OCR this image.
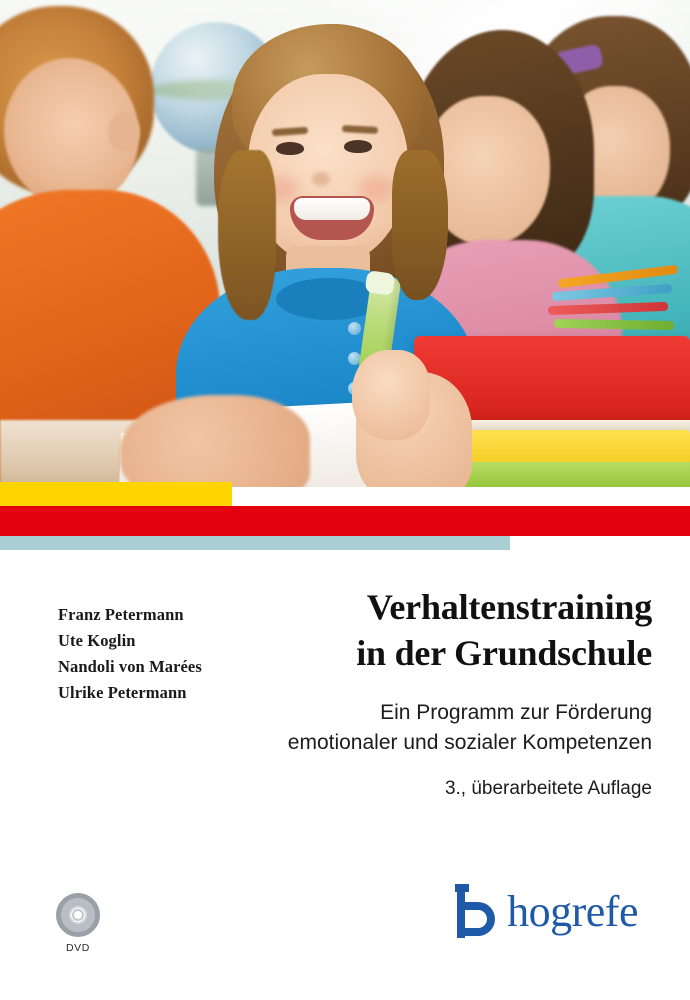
Franz Petermann
Ute Koglin
Nandoli von Marées
Ulrike Petermann
Verhaltenstraining
in der Grundschule
Ein Programm zur Förderung
emotionaler und sozialer Kompetenzen
3., überarbeitete Auflage
DVD
hogrefe
